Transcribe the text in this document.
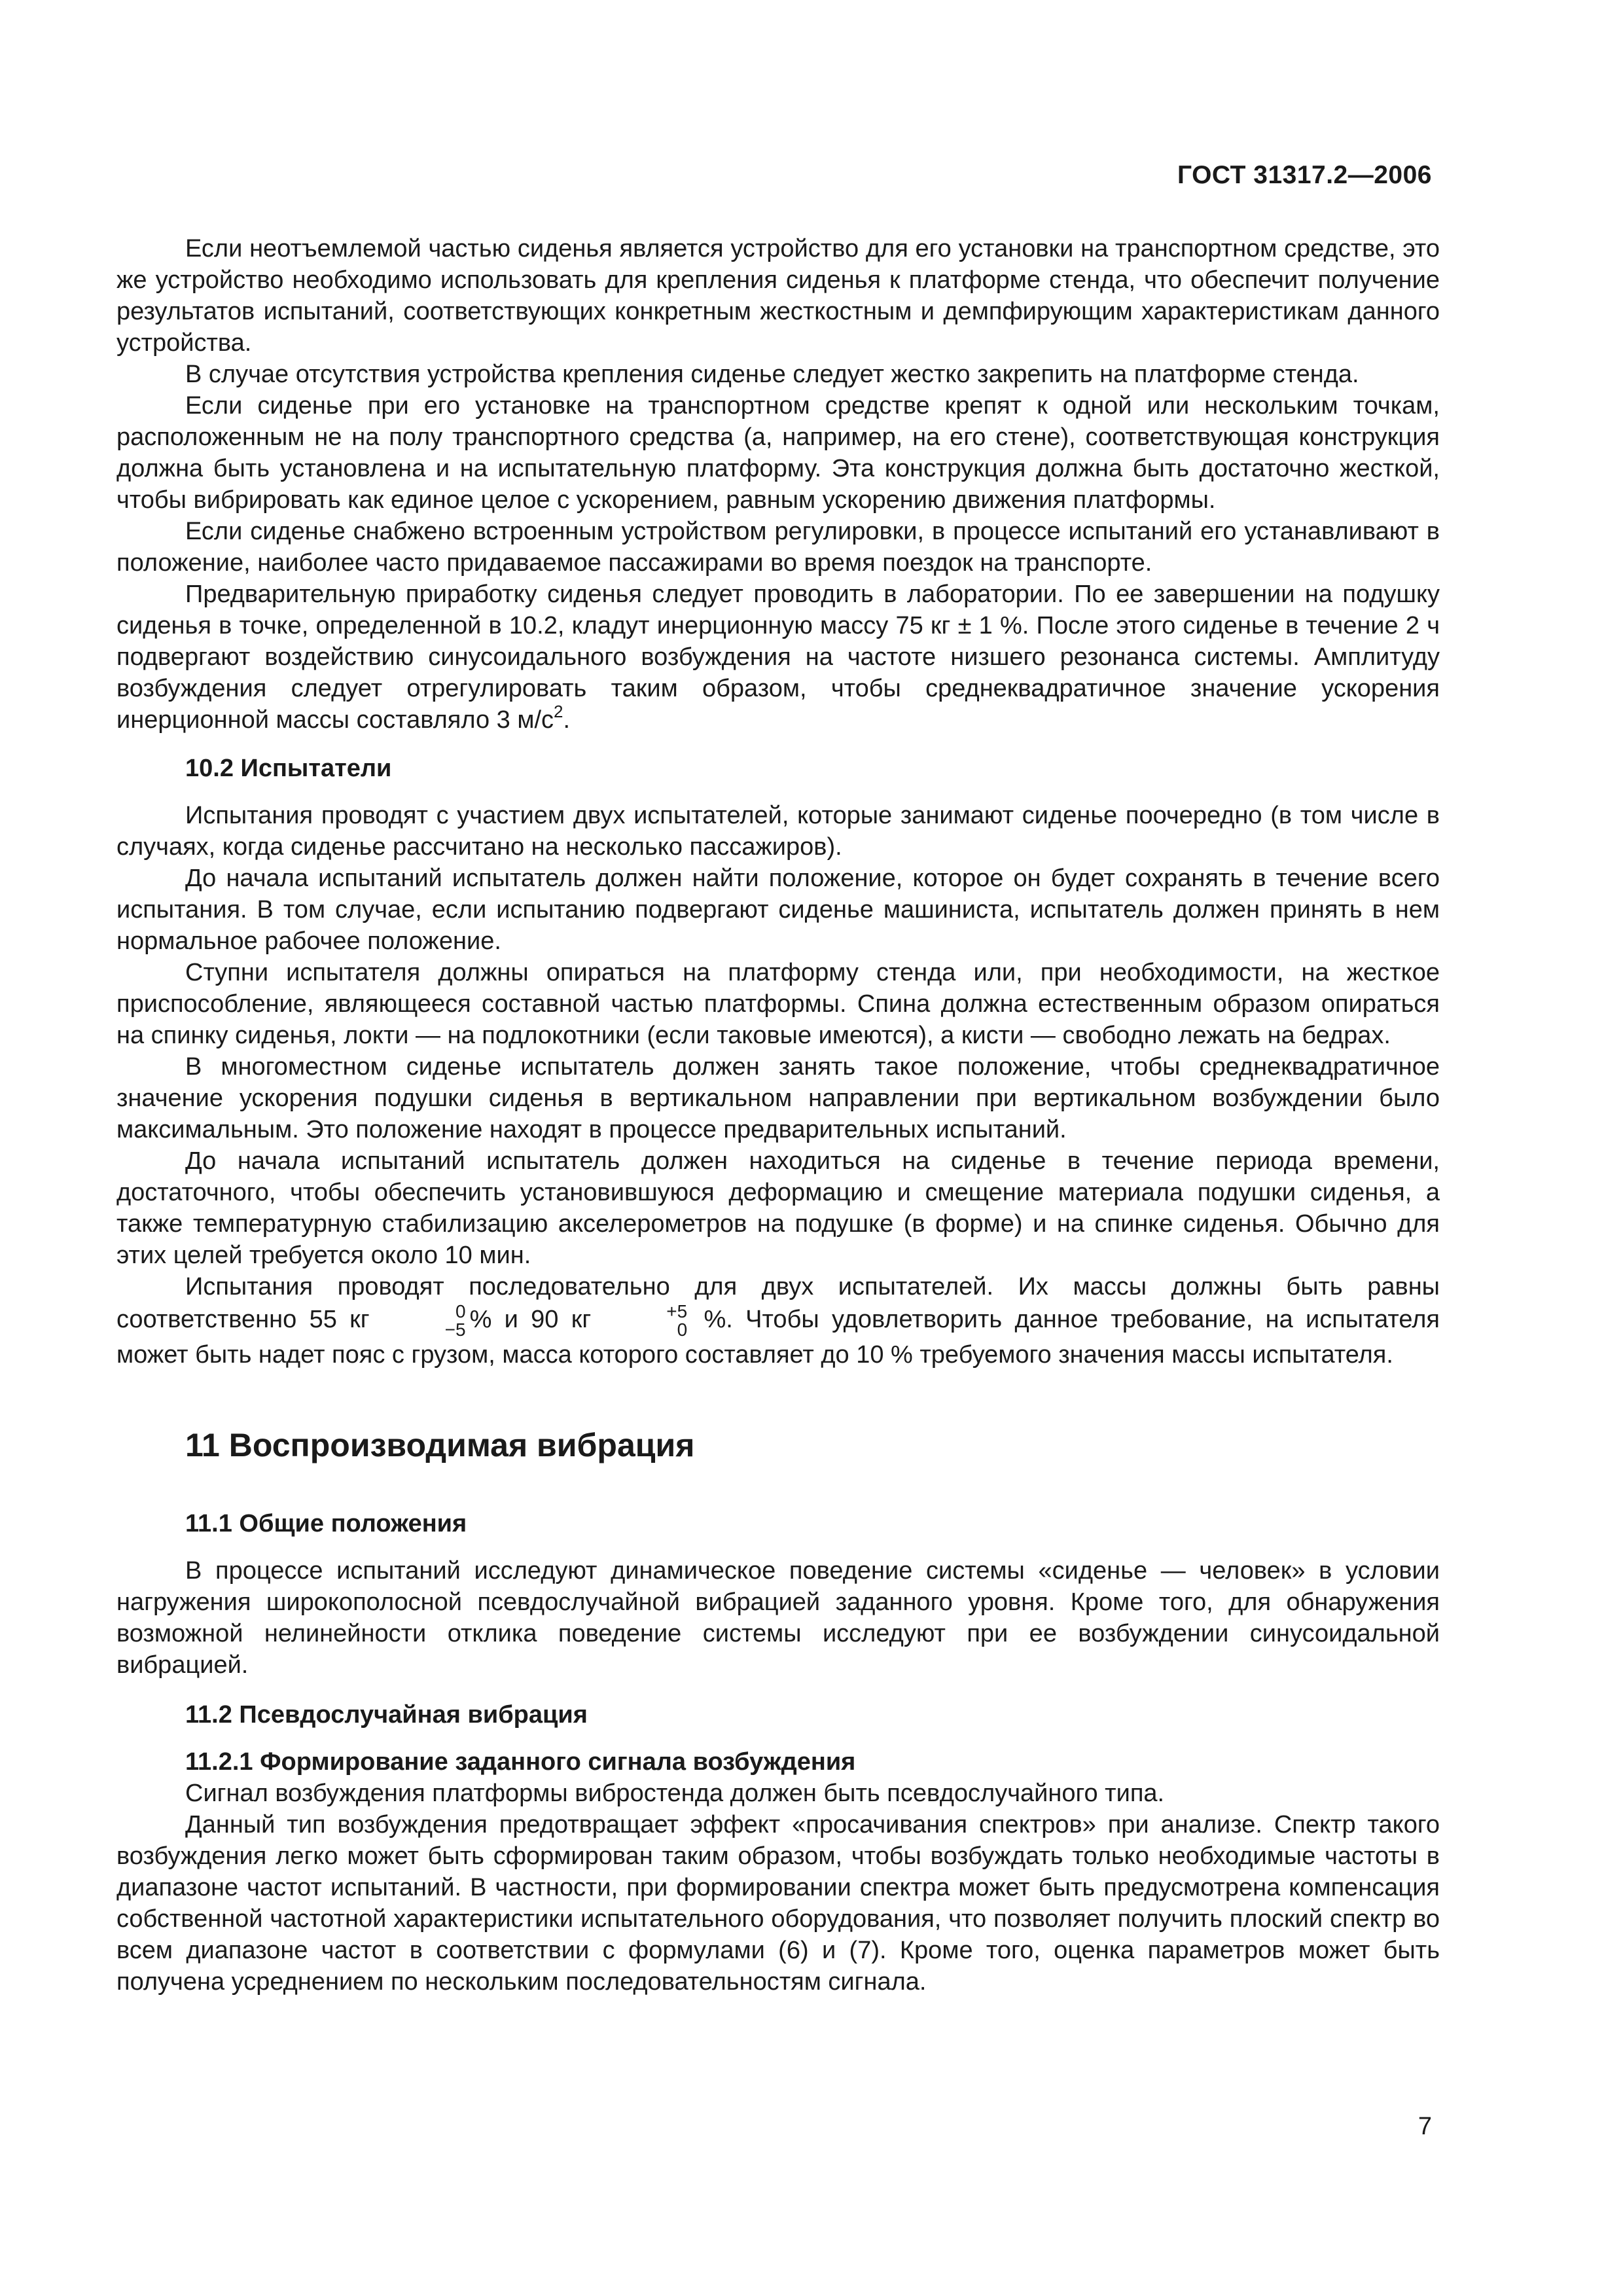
ГОСТ 31317.2—2006

Если неотъемлемой частью сиденья является устройство для его установки на транспортном средстве, это же устройство необходимо использовать для крепления сиденья к платформе стенда, что обеспечит получение результатов испытаний, соответствующих конкретным жесткостным и демпфирующим характеристикам данного устройства.

В случае отсутствия устройства крепления сиденье следует жестко закрепить на платформе стенда.

Если сиденье при его установке на транспортном средстве крепят к одной или нескольким точкам, расположенным не на полу транспортного средства (а, например, на его стене), соответствующая конструкция должна быть установлена и на испытательную платформу. Эта конструкция должна быть достаточно жесткой, чтобы вибрировать как единое целое с ускорением, равным ускорению движения платформы.

Если сиденье снабжено встроенным устройством регулировки, в процессе испытаний его устанавливают в положение, наиболее часто придаваемое пассажирами во время поездок на транспорте.

Предварительную приработку сиденья следует проводить в лаборатории. По ее завершении на подушку сиденья в точке, определенной в 10.2, кладут инерционную массу 75 кг ± 1 %. После этого сиденье в течение 2 ч подвергают воздействию синусоидального возбуждения на частоте низшего резонанса системы. Амплитуду возбуждения следует отрегулировать таким образом, чтобы среднеквадратичное значение ускорения инерционной массы составляло 3 $м/с^2$.

10.2 Испытатели

Испытания проводят с участием двух испытателей, которые занимают сиденье поочередно (в том числе в случаях, когда сиденье рассчитано на несколько пассажиров).

До начала испытаний испытатель должен найти положение, которое он будет сохранять в течение всего испытания. В том случае, если испытанию подвергают сиденье машиниста, испытатель должен принять в нем нормальное рабочее положение.

Ступни испытателя должны опираться на платформу стенда или, при необходимости, на жесткое приспособление, являющееся составной частью платформы. Спина должна естественным образом опираться на спинку сиденья, локти — на подлокотники (если таковые имеются), а кисти — свободно лежать на бедрах.

В многоместном сиденье испытатель должен занять такое положение, чтобы среднеквадратичное значение ускорения подушки сиденья в вертикальном направлении при вертикальном возбуждении было максимальным. Это положение находят в процессе предварительных испытаний.

До начала испытаний испытатель должен находиться на сиденье в течение периода времени, достаточного, чтобы обеспечить установившуюся деформацию и смещение материала подушки сиденья, а также температурную стабилизацию акселерометров на подушке (в форме) и на спинке сиденья. Обычно для этих целей требуется около 10 мин.

Испытания проводят последовательно для двух испытателей. Их массы должны быть равны соответственно 55 кг	0
−5 % и 90 кг	+5
0 %. Чтобы удовлетворить данное требование, на испытателя может быть надет пояс с грузом, масса которого составляет до 10 % требуемого значения массы испытателя.

11 Воспроизводимая вибрация
11.1 Общие положения

В процессе испытаний исследуют динамическое поведение системы «сиденье — человек» в условии нагружения широкополосной псевдослучайной вибрацией заданного уровня. Кроме того, для обнаружения возможной нелинейности отклика поведение системы исследуют при ее возбуждении синусоидальной вибрацией.

11.2 Псевдослучайная вибрация
11.2.1 Формирование заданного сигнала возбуждения

Сигнал возбуждения платформы вибростенда должен быть псевдослучайного типа.

Данный тип возбуждения предотвращает эффект «просачивания спектров» при анализе. Спектр такого возбуждения легко может быть сформирован таким образом, чтобы возбуждать только необходимые частоты в диапазоне частот испытаний. В частности, при формировании спектра может быть предусмотрена компенсация собственной частотной характеристики испытательного оборудования, что позволяет получить плоский спектр во всем диапазоне частот в соответствии с формулами (6) и (7). Кроме того, оценка параметров может быть получена усреднением по нескольким последовательностям сигнала.

7
